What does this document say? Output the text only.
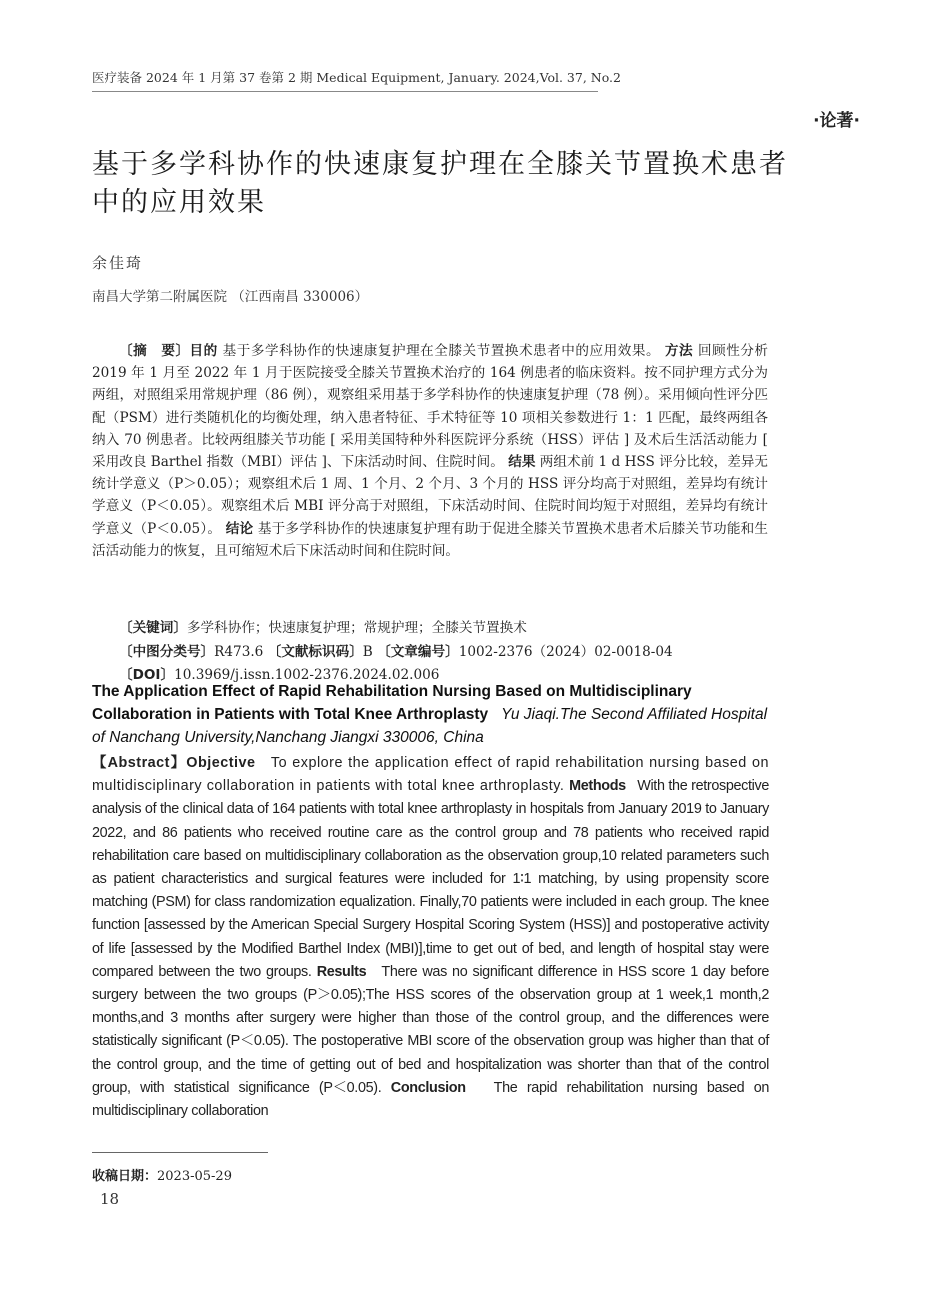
医疗装备 2024 年 1 月第 37 卷第 2 期 Medical Equipment, January. 2024,Vol. 37, No.2
·论著·
基于多学科协作的快速康复护理在全膝关节置换术患者中的应用效果
余佳琦
南昌大学第二附属医院 （江西南昌 330006）

〔摘　要〕目的 基于多学科协作的快速康复护理在全膝关节置换术患者中的应用效果。 方法 回顾性分析 2019 年 1 月至 2022 年 1 月于医院接受全膝关节置换术治疗的 164 例患者的临床资料。按不同护理方式分为两组，对照组采用常规护理（86 例），观察组采用基于多学科协作的快速康复护理（78 例）。采用倾向性评分匹配（PSM）进行类随机化的均衡处理，纳入患者特征、手术特征等 10 项相关参数进行 1：1 匹配，最终两组各纳入 70 例患者。比较两组膝关节功能 [ 采用美国特种外科医院评分系统（HSS）评估 ] 及术后生活活动能力 [ 采用改良 Barthel 指数（MBI）评估 ]、下床活动时间、住院时间。 结果 两组术前 1 d HSS 评分比较，差异无统计学意义（P＞0.05）；观察组术后 1 周、1 个月、2 个月、3 个月的 HSS 评分均高于对照组，差异均有统计学意义（P＜0.05）。观察组术后 MBI 评分高于对照组，下床活动时间、住院时间均短于对照组，差异均有统计学意义（P＜0.05）。 结论 基于多学科协作的快速康复护理有助于促进全膝关节置换术患者术后膝关节功能和生活活动能力的恢复，且可缩短术后下床活动时间和住院时间。

〔关键词〕多学科协作；快速康复护理；常规护理；全膝关节置换术
〔中图分类号〕R473.6 〔文献标识码〕B 〔文章编号〕1002-2376（2024）02-0018-04
〔DOI〕10.3969/j.issn.1002-2376.2024.02.006
The Application Effect of Rapid Rehabilitation Nursing Based on Multidisciplinary Collaboration in Patients with Total Knee Arthroplasty Yu Jiaqi.The Second Affiliated Hospital of Nanchang University,Nanchang Jiangxi 330006, China

【Abstract】Objective To explore the application effect of rapid rehabilitation nursing based on multidisciplinary collaboration in patients with total knee arthroplasty. Methods With the retrospective analysis of the clinical data of 164 patients with total knee arthroplasty in hospitals from January 2019 to January 2022, and 86 patients who received routine care as the control group and 78 patients who received rapid rehabilitation care based on multidisciplinary collaboration as the observation group,10 related parameters such as patient characteristics and surgical features were included for 1∶1 matching, by using propensity score matching (PSM) for class randomization equalization. Finally,70 patients were included in each group. The knee function [assessed by the American Special Surgery Hospital Scoring System (HSS)] and postoperative activity of life [assessed by the Modified Barthel Index (MBI)],time to get out of bed, and length of hospital stay were compared between the two groups. Results There was no significant difference in HSS score 1 day before surgery between the two groups (P＞0.05);The HSS scores of the observation group at 1 week,1 month,2 months,and 3 months after surgery were higher than those of the control group, and the differences were statistically significant (P＜0.05). The postoperative MBI score of the observation group was higher than that of the control group, and the time of getting out of bed and hospitalization was shorter than that of the control group, with statistical significance (P＜0.05). Conclusion The rapid rehabilitation nursing based on multidisciplinary collaboration

收稿日期：2023-05-29
18
